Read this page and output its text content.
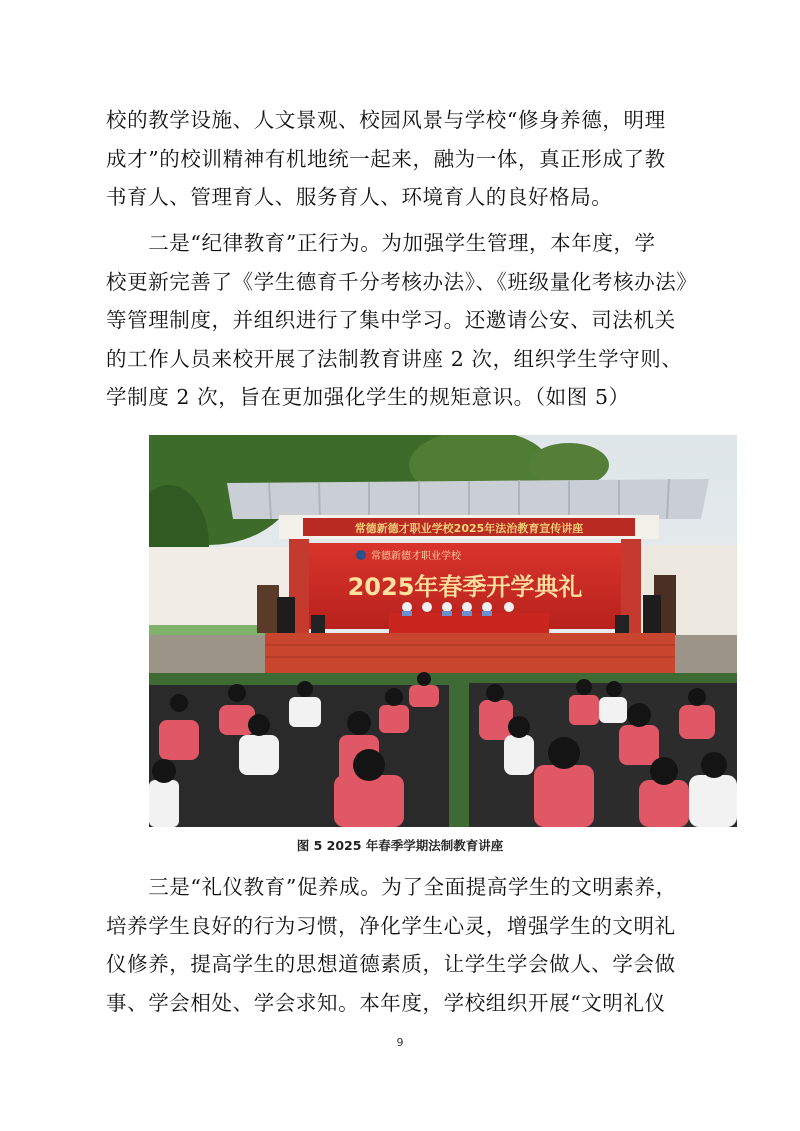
校的教学设施、人文景观、校园风景与学校“修身养德，明理
成才”的校训精神有机地统一起来，融为一体，真正形成了教
书育人、管理育人、服务育人、环境育人的良好格局。
　　二是“纪律教育”正行为。为加强学生管理，本年度，学
校更新完善了《学生德育千分考核办法》、《班级量化考核办法》
等管理制度，并组织进行了集中学习。还邀请公安、司法机关
的工作人员来校开展了法制教育讲座 2 次，组织学生学守则、
学制度 2 次，旨在更加强化学生的规矩意识。（如图 5）
常德新德才职业学校2025年法治教育宣传讲座
常德新德才职业学校
2025年春季开学典礼
图 5 2025 年春季学期法制教育讲座
　　三是“礼仪教育”促养成。为了全面提高学生的文明素养，
培养学生良好的行为习惯，净化学生心灵，增强学生的文明礼
仪修养，提高学生的思想道德素质，让学生学会做人、学会做
事、学会相处、学会求知。本年度，学校组织开展“文明礼仪
9
